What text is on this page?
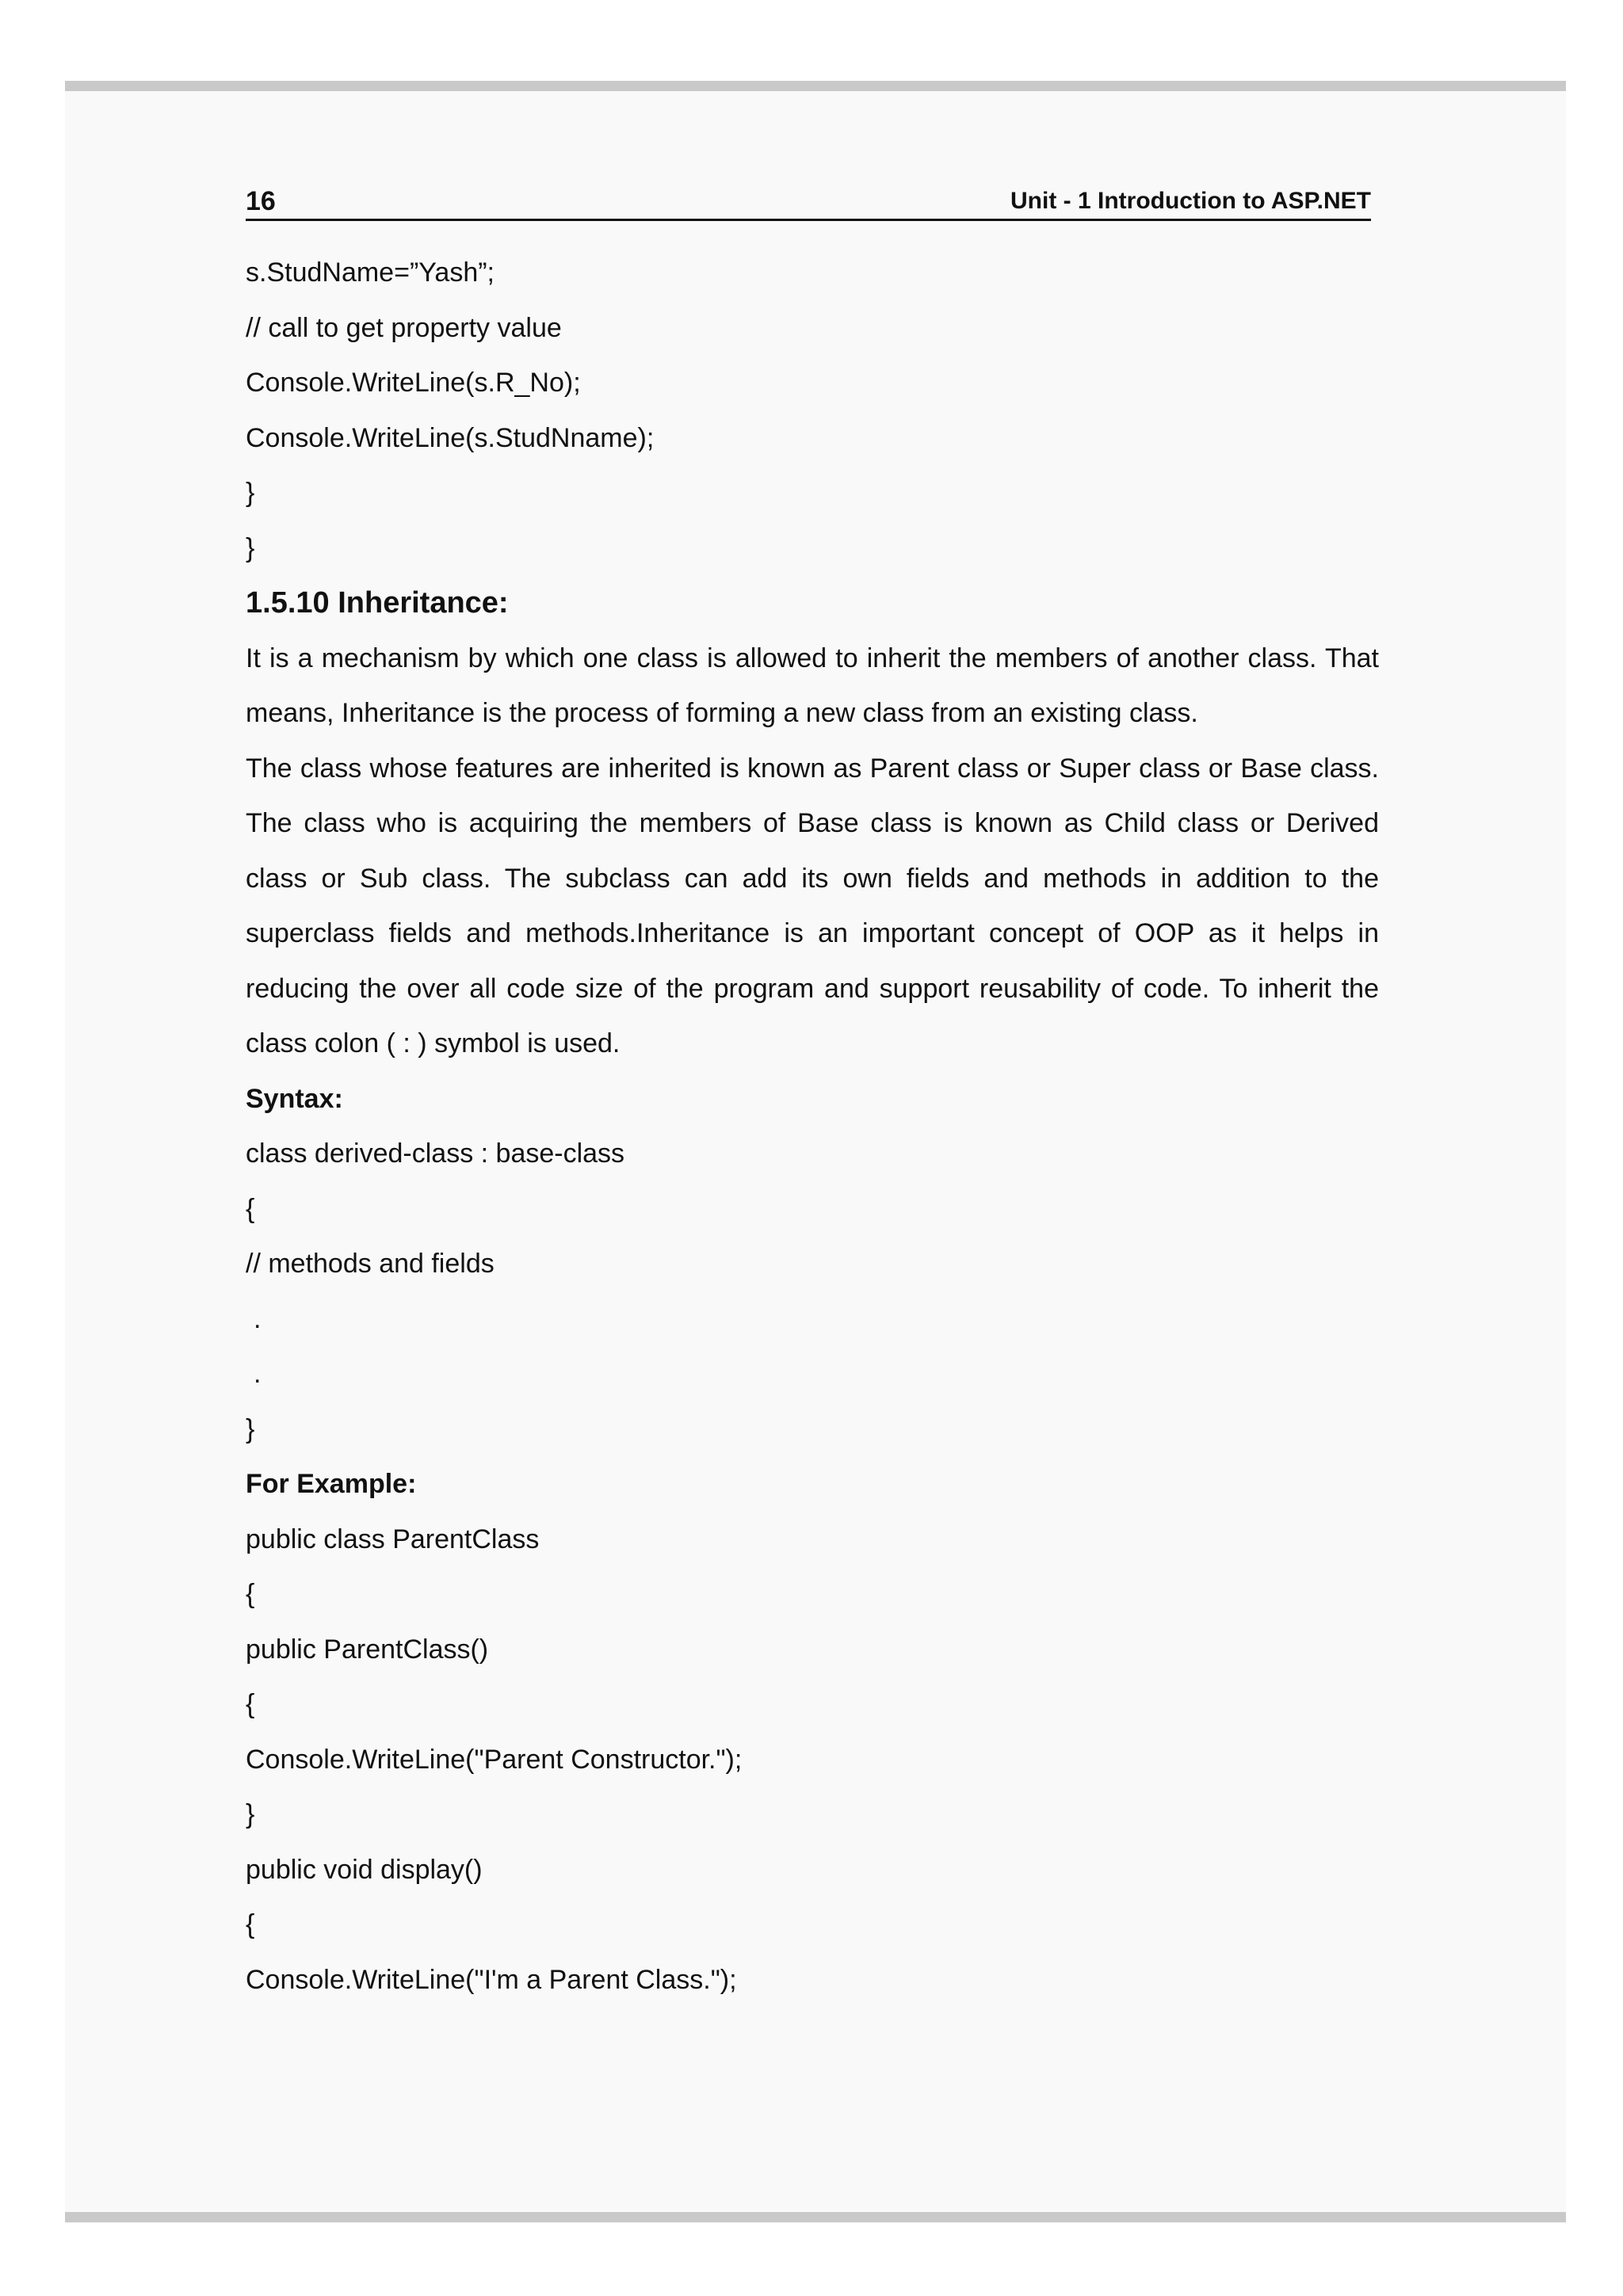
16	Unit - 1 Introduction to ASP.NET
s.StudName=”Yash”;
// call to get property value
Console.WriteLine(s.R_No);
Console.WriteLine(s.StudNname);
}
}
1.5.10 Inheritance:
It is a mechanism by which one class is allowed to inherit the members of another class. That means, Inheritance is the process of forming a new class from an existing class.
The class whose features are inherited is known as Parent class or Super class or Base class. The class who is acquiring the members of Base class is known as Child class or Derived class or Sub class. The subclass can add its own fields and methods in addition to the superclass fields and methods.Inheritance is an important concept of OOP as it helps in reducing the over all code size of the program and support reusability of code. To inherit the class colon ( : ) symbol is used.
Syntax:
class derived-class : base-class
{
// methods and fields
.
.
}
For Example:
public class ParentClass
{
public ParentClass()
{
Console.WriteLine("Parent Constructor.");
}
public void display()
{
Console.WriteLine("I'm a Parent Class.");
